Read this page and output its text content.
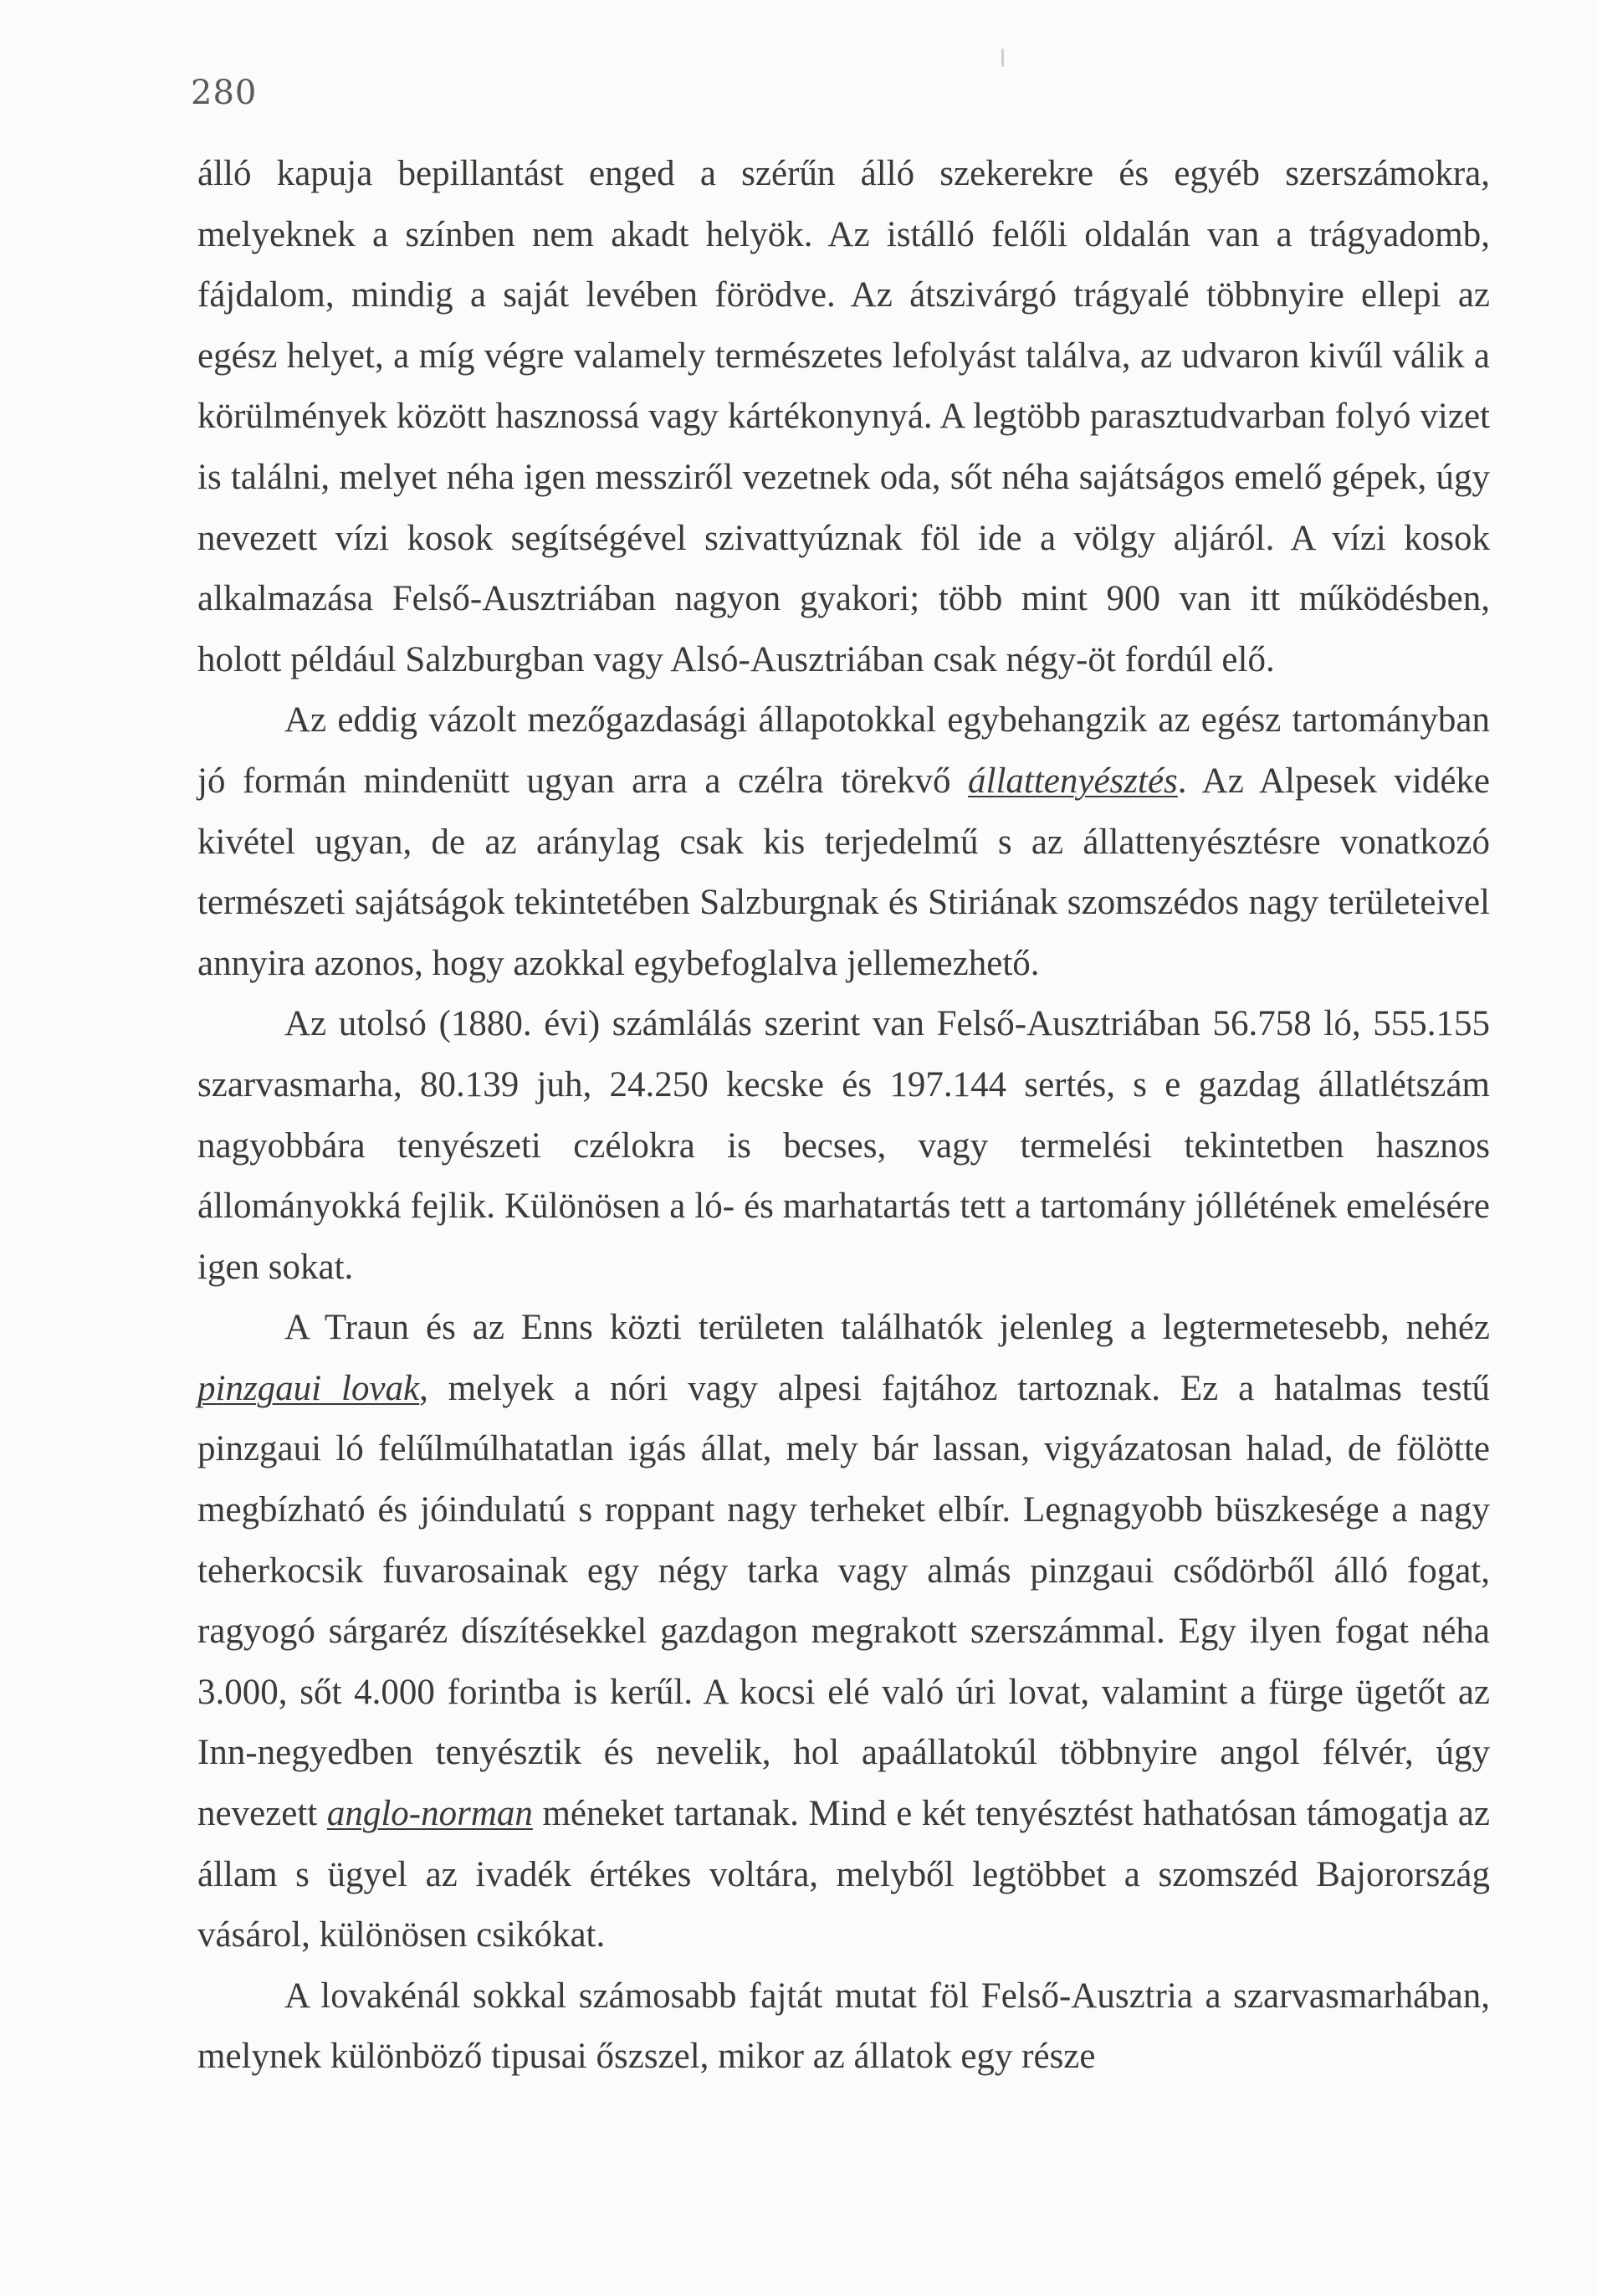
280

álló kapuja bepillantást enged a szérűn álló szekerekre és egyéb szerszámokra, melyeknek a színben nem akadt helyök. Az istálló felőli oldalán van a trágyadomb, fájdalom, mindig a saját levében förödve. Az átszivárgó trágyalé többnyire ellepi az egész helyet, a míg végre valamely természetes lefolyást találva, az udvaron kivűl válik a körülmények között hasznossá vagy kártékonynyá. A legtöbb parasztudvarban folyó vizet is találni, melyet néha igen messziről vezetnek oda, sőt néha sajátságos emelő gépek, úgy nevezett vízi kosok segítségével szivattyúznak föl ide a völgy aljáról. A vízi kosok alkalmazása Felső-Ausztriában nagyon gyakori; több mint 900 van itt működésben, holott például Salzburgban vagy Alsó-Ausztriában csak négy-öt fordúl elő.

Az eddig vázolt mezőgazdasági állapotokkal egybehangzik az egész tartományban jó formán mindenütt ugyan arra a czélra törekvő állattenyésztés. Az Alpesek vidéke kivétel ugyan, de az aránylag csak kis terjedelmű s az állattenyésztésre vonatkozó természeti sajátságok tekintetében Salzburgnak és Stiriának szomszédos nagy területeivel annyira azonos, hogy azokkal egybefoglalva jellemezhető.

Az utolsó (1880. évi) számlálás szerint van Felső-Ausztriában 56.758 ló, 555.155 szarvasmarha, 80.139 juh, 24.250 kecske és 197.144 sertés, s e gazdag állatlétszám nagyobbára tenyészeti czélokra is becses, vagy termelési tekintetben hasznos állományokká fejlik. Különösen a ló- és marhatartás tett a tartomány jóllétének emelésére igen sokat.

A Traun és az Enns közti területen találhatók jelenleg a legtermetesebb, nehéz pinzgaui lovak, melyek a nóri vagy alpesi fajtához tartoznak. Ez a hatalmas testű pinzgaui ló felűlmúlhatatlan igás állat, mely bár lassan, vigyázatosan halad, de fölötte megbízható és jóindulatú s roppant nagy terheket elbír. Legnagyobb büszkesége a nagy teherkocsik fuvarosainak egy négy tarka vagy almás pinzgaui csődörből álló fogat, ragyogó sárgaréz díszítésekkel gazdagon megrakott szerszámmal. Egy ilyen fogat néha 3.000, sőt 4.000 forintba is kerűl. A kocsi elé való úri lovat, valamint a fürge ügetőt az Inn-negyedben tenyésztik és nevelik, hol apaállatokúl többnyire angol félvér, úgy nevezett anglo-norman méneket tartanak. Mind e két tenyésztést hathatósan támogatja az állam s ügyel az ivadék értékes voltára, melyből legtöbbet a szomszéd Bajorország vásárol, különösen csikókat.

A lovakénál sokkal számosabb fajtát mutat föl Felső-Ausztria a szarvasmarhában, melynek különböző tipusai őszszel, mikor az állatok egy része
